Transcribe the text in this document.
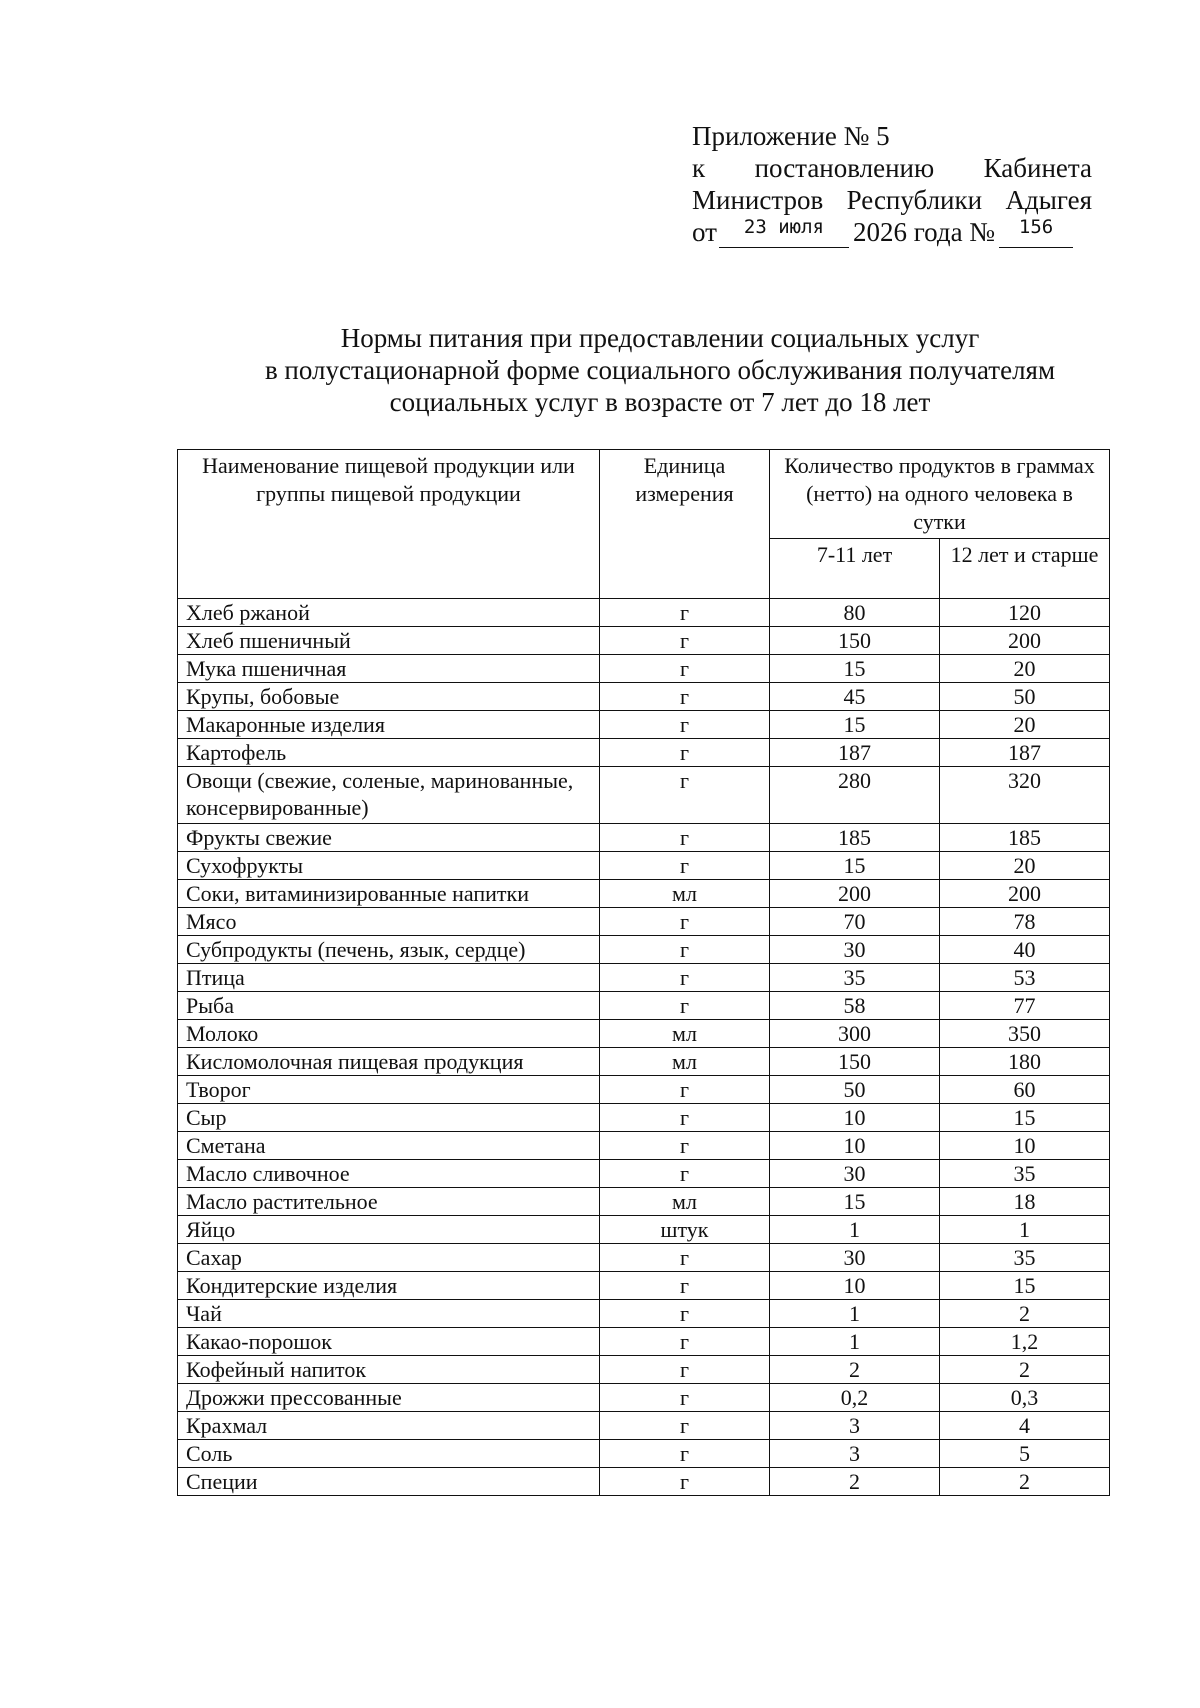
Приложение № 5
к постановлению Кабинета
Министров Республики Адыгея
от	23 июля	2026 года №	156
Нормы питания при предоставлении социальных услуг
в полустационарной форме социального обслуживания получателям
социальных услуг в возрасте от 7 лет до 18 лет
Наименование пищевой продукции или группы пищевой продукции	Единица измерения	Количество продуктов в граммах (нетто) на одного человека в сутки	
		7-11 лет	12 лет и старше
Хлеб ржаной	г	80	120
Хлеб пшеничный	г	150	200
Мука пшеничная	г	15	20
Крупы, бобовые	г	45	50
Макаронные изделия	г	15	20
Картофель	г	187	187
Овощи (свежие, соленые, маринованные, консервированные)	г	280	320
Фрукты свежие	г	185	185
Сухофрукты	г	15	20
Соки, витаминизированные напитки	мл	200	200
Мясо	г	70	78
Субпродукты (печень, язык, сердце)	г	30	40
Птица	г	35	53
Рыба	г	58	77
Молоко	мл	300	350
Кисломолочная пищевая продукция	мл	150	180
Творог	г	50	60
Сыр	г	10	15
Сметана	г	10	10
Масло сливочное	г	30	35
Масло растительное	мл	15	18
Яйцо	штук	1	1
Сахар	г	30	35
Кондитерские изделия	г	10	15
Чай	г	1	2
Какао-порошок	г	1	1,2
Кофейный напиток	г	2	2
Дрожжи прессованные	г	0,2	0,3
Крахмал	г	3	4
Соль	г	3	5
Специи	г	2	2
